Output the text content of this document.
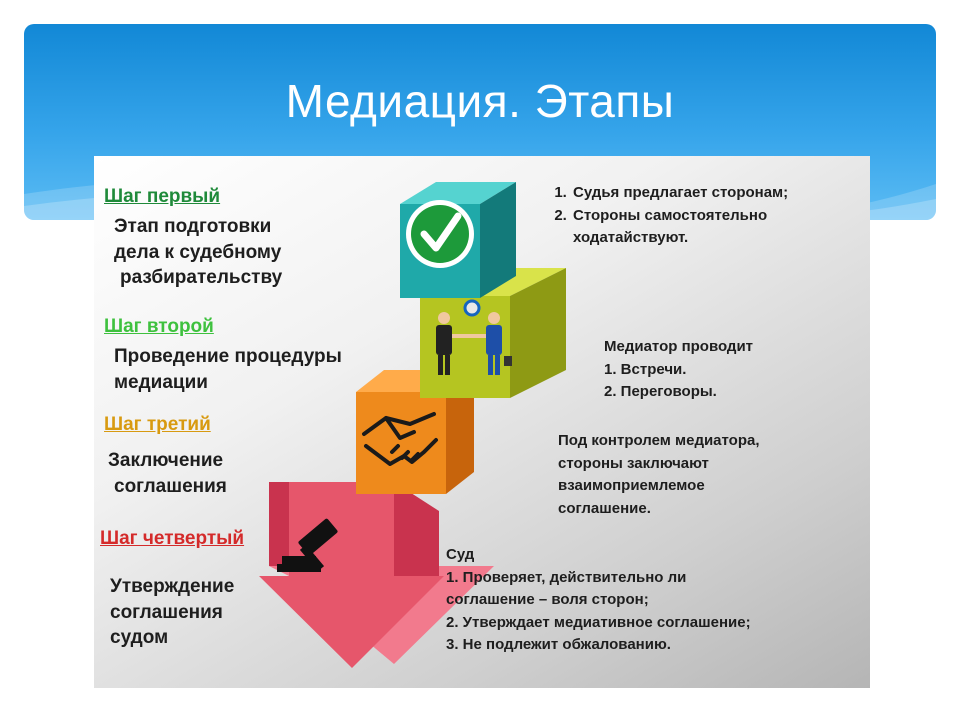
Медиация. Этапы
Шаг первый
Этап подготовки
дела к судебному
разбирательству
Шаг второй
Проведение процедуры
медиации
Шаг третий
Заключение
соглашения
Шаг четвертый
Утверждение
соглашения
судом
1. Судья предлагает сторонам;
2. Стороны самостоятельно ходатайствуют.
Медиатор проводит
1. Встречи.
2. Переговоры.
Под контролем медиатора,
стороны заключают
взаимоприемлемое
соглашение.
Суд
1. Проверяет, действительно ли
соглашение – воля сторон;
2. Утверждает медиативное соглашение;
3. Не подлежит обжалованию.
